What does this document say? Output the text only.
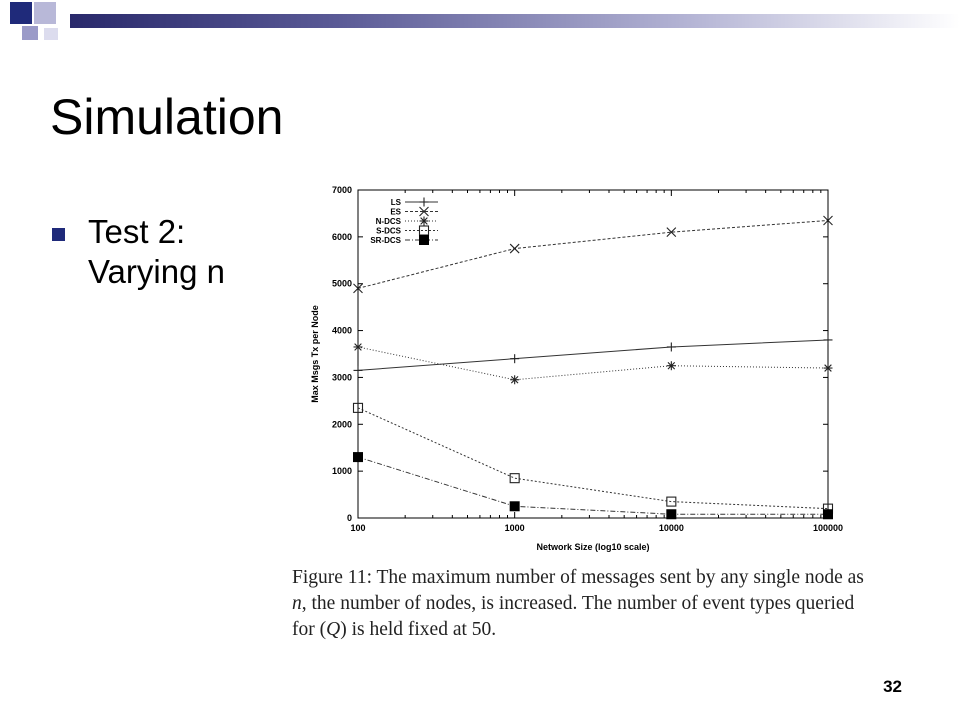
Simulation
Test 2: Varying n
0
1000
2000
3000
4000
5000
6000
7000
100	1000	10000	100000
Max Msgs Tx per Node
Network Size (log10 scale)
LS
ES
N-DCS
S-DCS
SR-DCS

Figure 11: The maximum number of messages sent by any single node as n, the number of nodes, is increased. The number of event types queried for (Q) is held fixed at 50.

32
